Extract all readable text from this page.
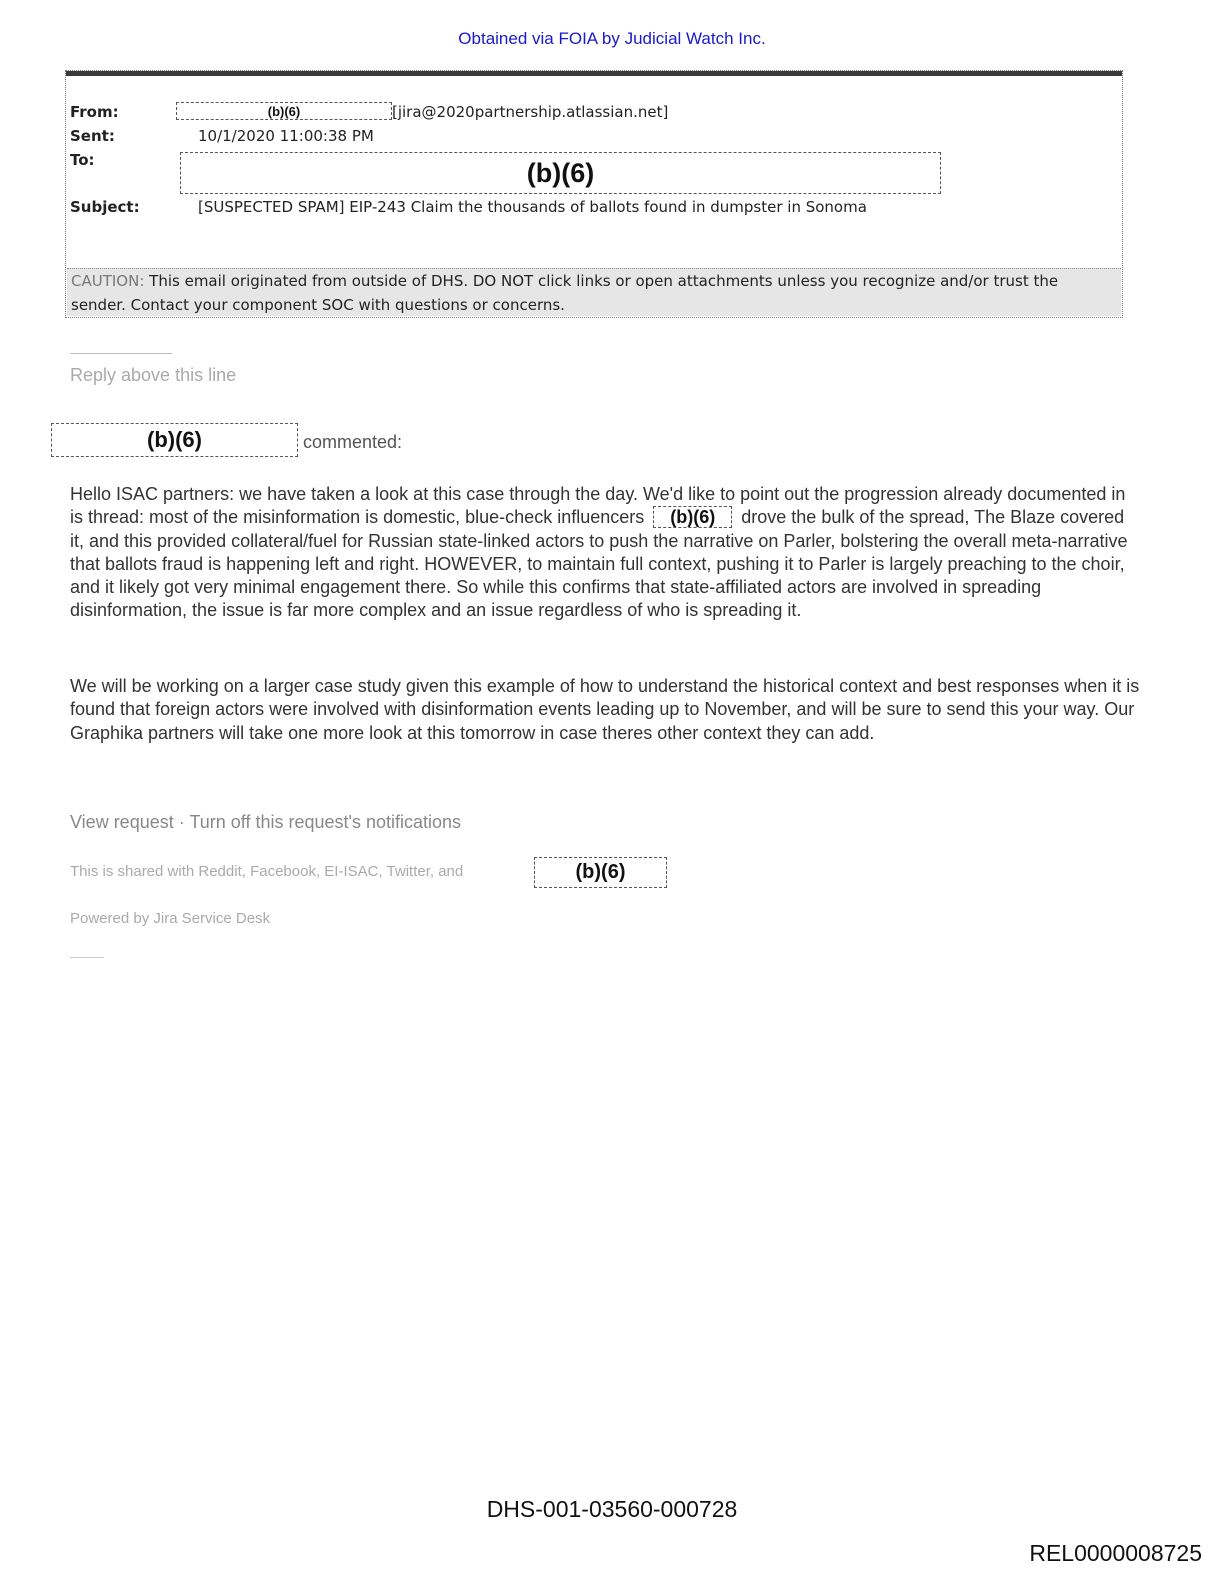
Obtained via FOIA by Judicial Watch Inc.
From:	(b)(6)	[jira@2020partnership.atlassian.net]
Sent:	10/1/2020 11:00:38 PM
To:	(b)(6)
Subject:	[SUSPECTED SPAM] EIP-243 Claim the thousands of ballots found in dumpster in Sonoma
CAUTION: This email originated from outside of DHS. DO NOT click links or open attachments unless you recognize and/or trust the sender. Contact your component SOC with questions or concerns.
Reply above this line
(b)(6)	commented:
Hello ISAC partners: we have taken a look at this case through the day. We'd like to point out the progression already documented in is thread: most of the misinformation is domestic, blue-check influencers (b)(6) drove the bulk of the spread, The Blaze covered it, and this provided collateral/fuel for Russian state-linked actors to push the narrative on Parler, bolstering the overall meta-narrative that ballots fraud is happening left and right. HOWEVER, to maintain full context, pushing it to Parler is largely preaching to the choir, and it likely got very minimal engagement there. So while this confirms that state-affiliated actors are involved in spreading disinformation, the issue is far more complex and an issue regardless of who is spreading it.
We will be working on a larger case study given this example of how to understand the historical context and best responses when it is found that foreign actors were involved with disinformation events leading up to November, and will be sure to send this your way. Our Graphika partners will take one more look at this tomorrow in case theres other context they can add.
View request · Turn off this request's notifications
This is shared with Reddit, Facebook, EI-ISAC, Twitter, and	(b)(6)
Powered by Jira Service Desk
DHS-001-03560-000728
REL0000008725
